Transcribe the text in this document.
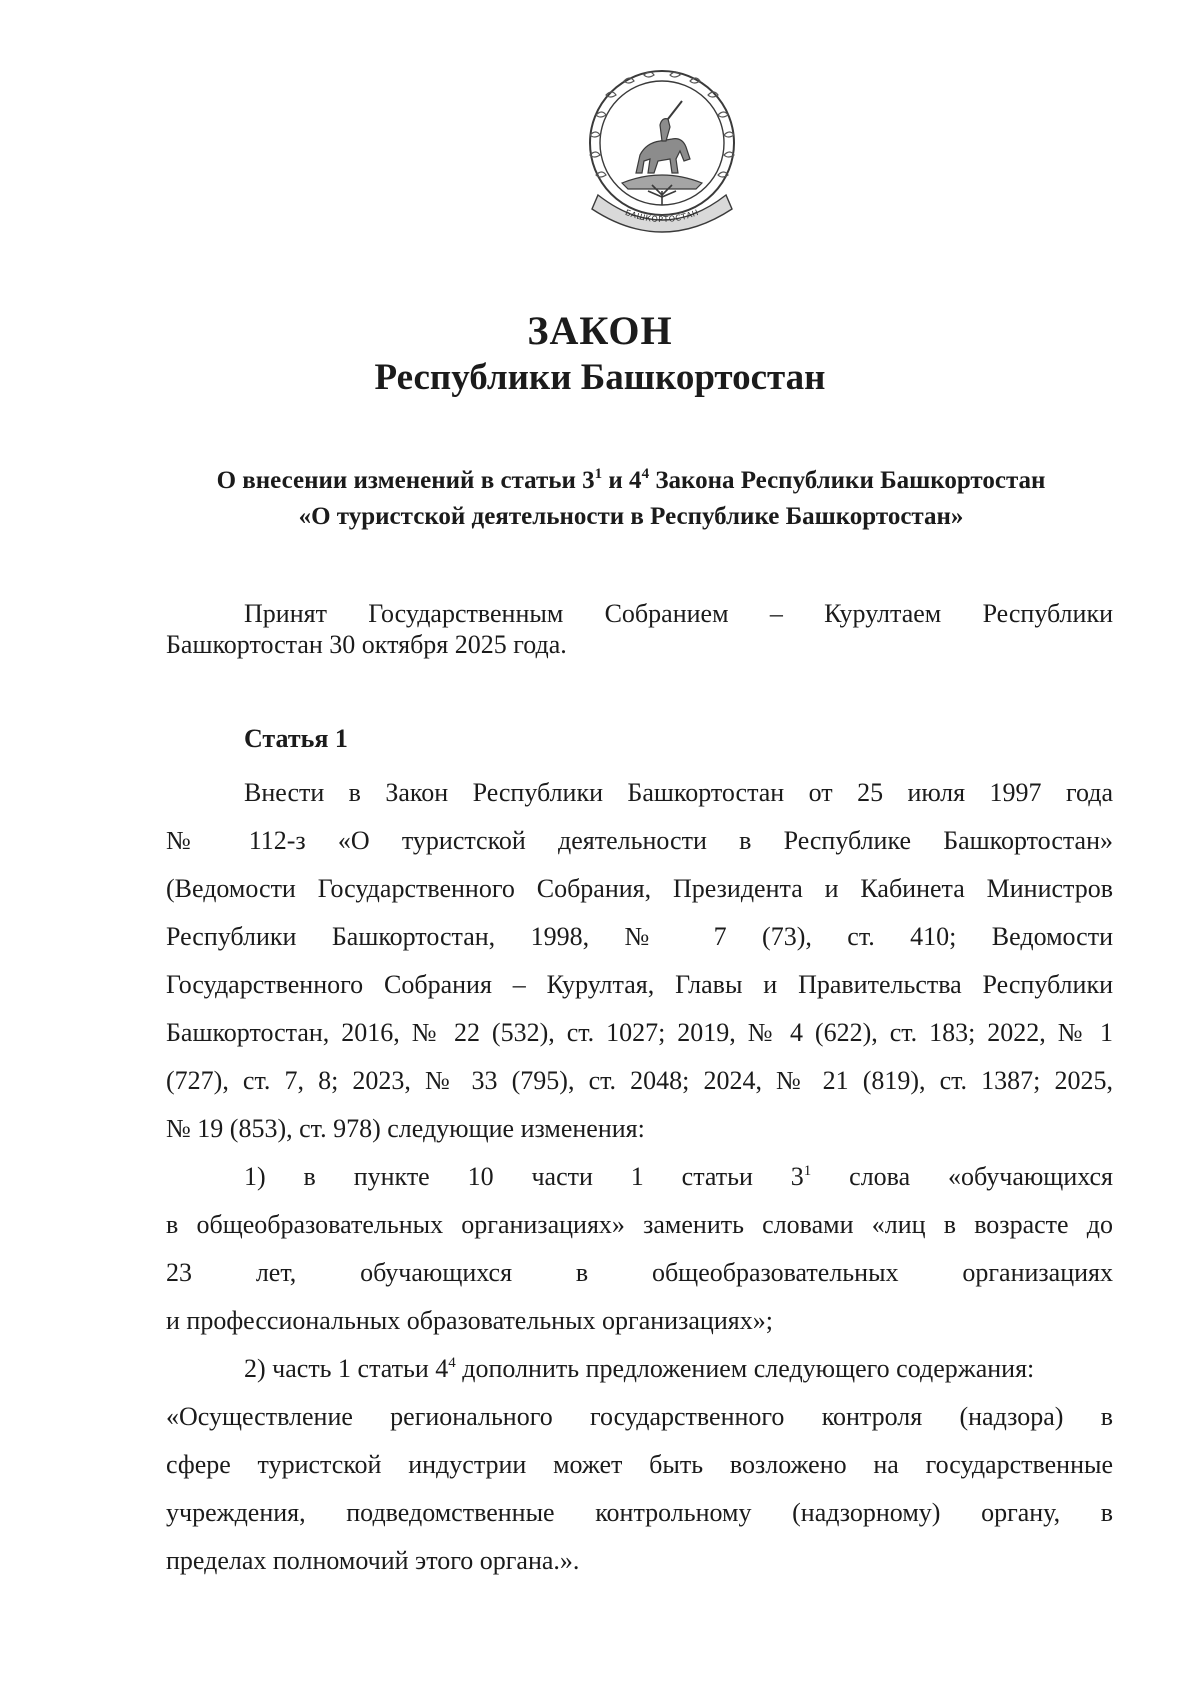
БАШКОРТОСТАН
ЗАКОН
Республики Башкортостан
О внесении изменений в статьи $3^1$ и $4^4$ Закона Республики Башкортостан
«О туристской деятельности в Республике Башкортостан»
Принят Государственным Собранием – Курултаем Республики
Башкортостан 30 октября 2025 года.
Статья 1
Внести в Закон Республики Башкортостан от 25 июля 1997 года
№ 112-з «О туристской деятельности в Республике Башкортостан»
(Ведомости Государственного Собрания, Президента и Кабинета Министров
Республики Башкортостан, 1998, № 7 (73), ст. 410; Ведомости
Государственного Собрания – Курултая, Главы и Правительства Республики
Башкортостан, 2016, № 22 (532), ст. 1027; 2019, № 4 (622), ст. 183; 2022, № 1
(727), ст. 7, 8; 2023, № 33 (795), ст. 2048; 2024, № 21 (819), ст. 1387; 2025,
№ 19 (853), ст. 978) следующие изменения:
1) в пункте 10 части 1 статьи $3^1$ слова «обучающихся
в общеобразовательных организациях» заменить словами «лиц в возрасте до
23 лет, обучающихся в общеобразовательных организациях
и профессиональных образовательных организациях»;
2) часть 1 статьи $4^4$ дополнить предложением следующего содержания:
«Осуществление регионального государственного контроля (надзора) в
сфере туристской индустрии может быть возложено на государственные
учреждения, подведомственные контрольному (надзорному) органу, в
пределах полномочий этого органа.».
